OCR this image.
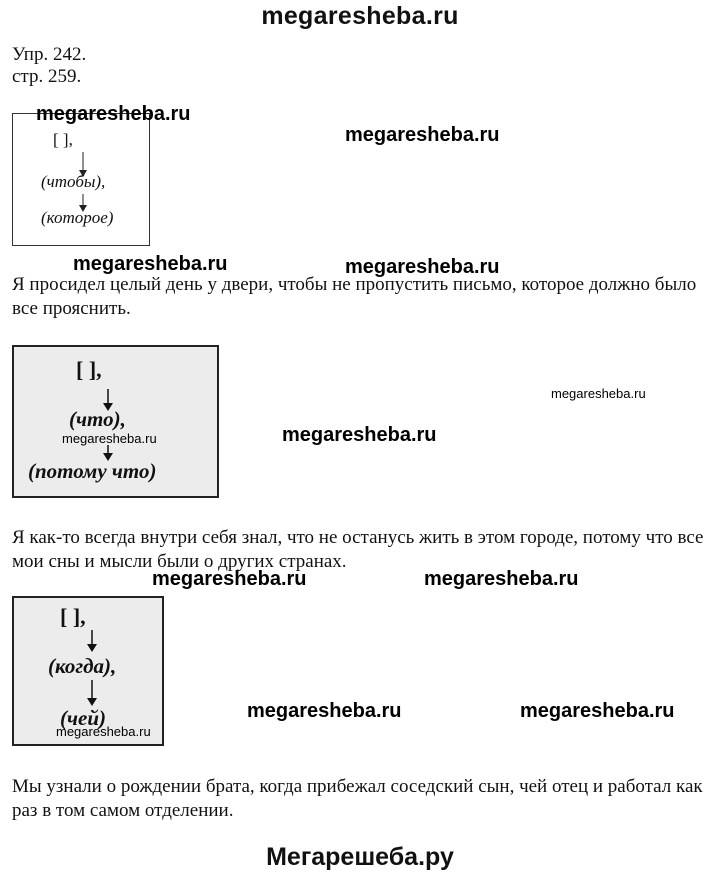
megaresheba.ru
Упр. 242.
стр. 259.
[ ],
(чтобы),
(которое)
megaresheba.ru
megaresheba.ru
megaresheba.ru	megaresheba.ru
Я просидел целый день у двери, чтобы не пропустить письмо, которое должно было все прояснить.
[ ],
(что),
(потому что)
megaresheba.ru	megaresheba.ru
megaresheba.ru
Я как-то всегда внутри себя знал, что не останусь жить в этом городе, потому что все мои сны и мысли были о других странах.
megaresheba.ru	megaresheba.ru
[ ],
(когда),
(чей)
megaresheba.ru
megaresheba.ru	megaresheba.ru
Мы узнали о рождении брата, когда прибежал соседский сын, чей отец и работал как раз в том самом отделении.
Мегарешеба.ру
